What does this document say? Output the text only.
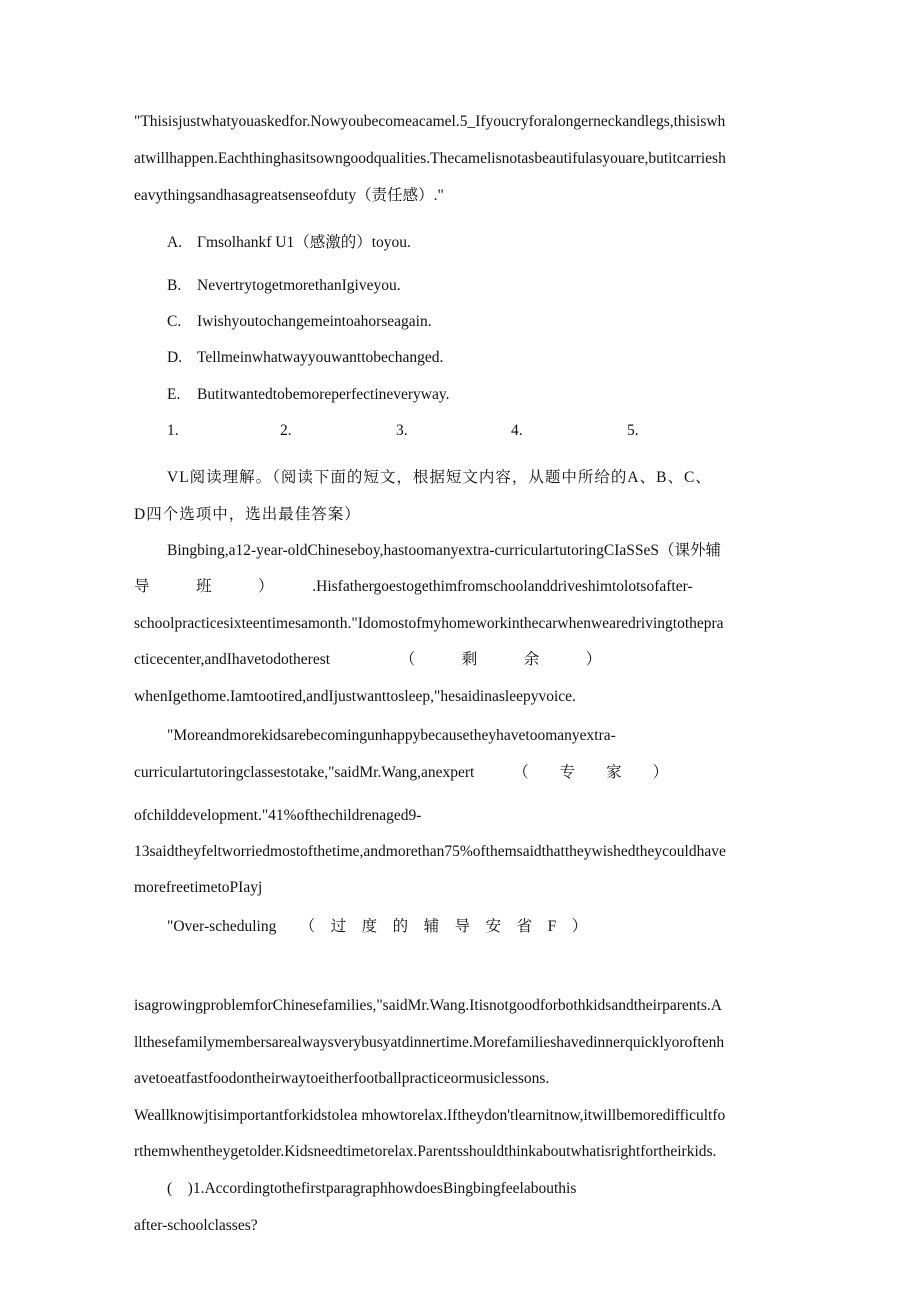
"Thisisjustwhatyouaskedfor.Nowyoubecomeacamel.5_Ifyoucryforalongerneckandlegs,thisiswh
atwillhappen.Eachthinghasitsowngoodqualities.Thecamelisnotasbeautifulasyouare,butitcarriesh
eavythingsandhasagreatsenseofduty（责任感）."
A. Γmsolhankf U1（感激的）toyou.
B. NevertrytogetmorethanIgiveyou.
C. Iwishyoutochangemeintoahorseagain.
D. Tellmeinwhatwayyouwanttobechanged.
E. Butitwantedtobemoreperfectineveryway.
1.	2.	3.	4.	5.
VL阅读理解。（阅读下面的短文，根据短文内容，从题中所给的A、B、C、
D四个选项中，选出最佳答案）
Bingbing,a12-year-oldChineseboy,hastoomanyextra-curriculartutoringCIaSSeS（课外辅
导　　　班　　　）　　　.Hisfathergoestogethimfromschoolanddriveshimtolotsofafter-
schoolpracticesixteentimesamonth."Idomostofmyhomeworkinthecarwhenwearedrivingtothepra
cticecenter,andIhavetodotherest　　　　　（　　　剩　　　余　　　）
whenIgethome.Iamtootired,andIjustwanttosleep,"hesaidinasleepyvoice.
"Moreandmorekidsarebecomingunhappybecausetheyhavetoomanyextra-
curriculartutoringclassestotake,"saidMr.Wang,anexpert　　　（　　专　　家　　）
ofchilddevelopment."41%ofthechildrenaged9-
13saidtheyfeltworriedmostofthetime,andmorethan75%ofthemsaidthattheywishedtheycouldhave
morefreetimetoPIayj
"Over-scheduling　　（　过　度　的　辅　导　安　省　F　）
isagrowingproblemforChinesefamilies,"saidMr.Wang.Itisnotgoodforbothkidsandtheirparents.A
llthesefamilymembersarealwaysverybusyatdinnertime.Morefamilieshavedinnerquicklyoroftenh
avetoeatfastfoodontheirwaytoeitherfootballpracticeormusiclessons.
Weallknowjtisimportantforkidstolea mhowtorelax.Iftheydon'tlearnitnow,itwillbemoredifficultfo
rthemwhentheygetolder.Kidsneedtimetorelax.Parentsshouldthinkaboutwhatisrightfortheirkids.
(　)1.AccordingtothefirstparagraphhowdoesBingbingfeelabouthis
after-schoolclasses?
